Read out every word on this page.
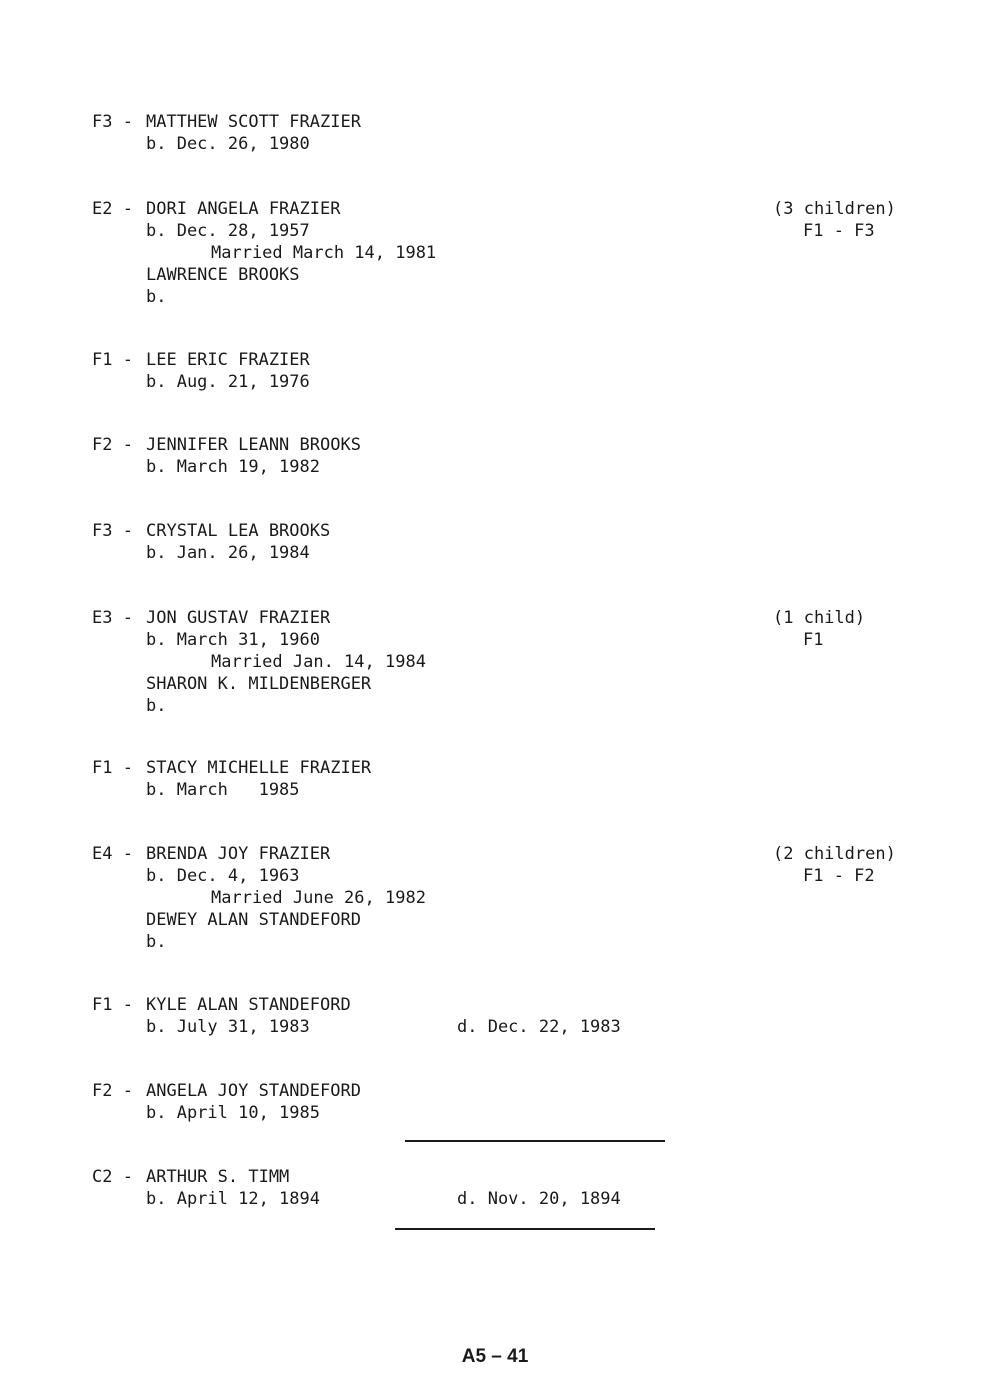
F3 - MATTHEW SCOTT FRAZIER
b. Dec. 26, 1980
E2 - DORI ANGELA FRAZIER
b. Dec. 28, 1957
Married March 14, 1981
LAWRENCE BROOKS
b.
(3 children)
F1 - F3
F1 - LEE ERIC FRAZIER
b. Aug. 21, 1976
F2 - JENNIFER LEANN BROOKS
b. March 19, 1982
F3 - CRYSTAL LEA BROOKS
b. Jan. 26, 1984
E3 - JON GUSTAV FRAZIER
b. March 31, 1960
Married Jan. 14, 1984
SHARON K. MILDENBERGER
b.
(1 child)
F1
F1 - STACY MICHELLE FRAZIER
b. March   1985
E4 - BRENDA JOY FRAZIER
b. Dec. 4, 1963
Married June 26, 1982
DEWEY ALAN STANDEFORD
b.
(2 children)
F1 - F2
F1 - KYLE ALAN STANDEFORD
b. July 31, 1983	d. Dec. 22, 1983
F2 - ANGELA JOY STANDEFORD
b. April 10, 1985
C2 - ARTHUR S. TIMM
b. April 12, 1894	d. Nov. 20, 1894
A5 – 41
